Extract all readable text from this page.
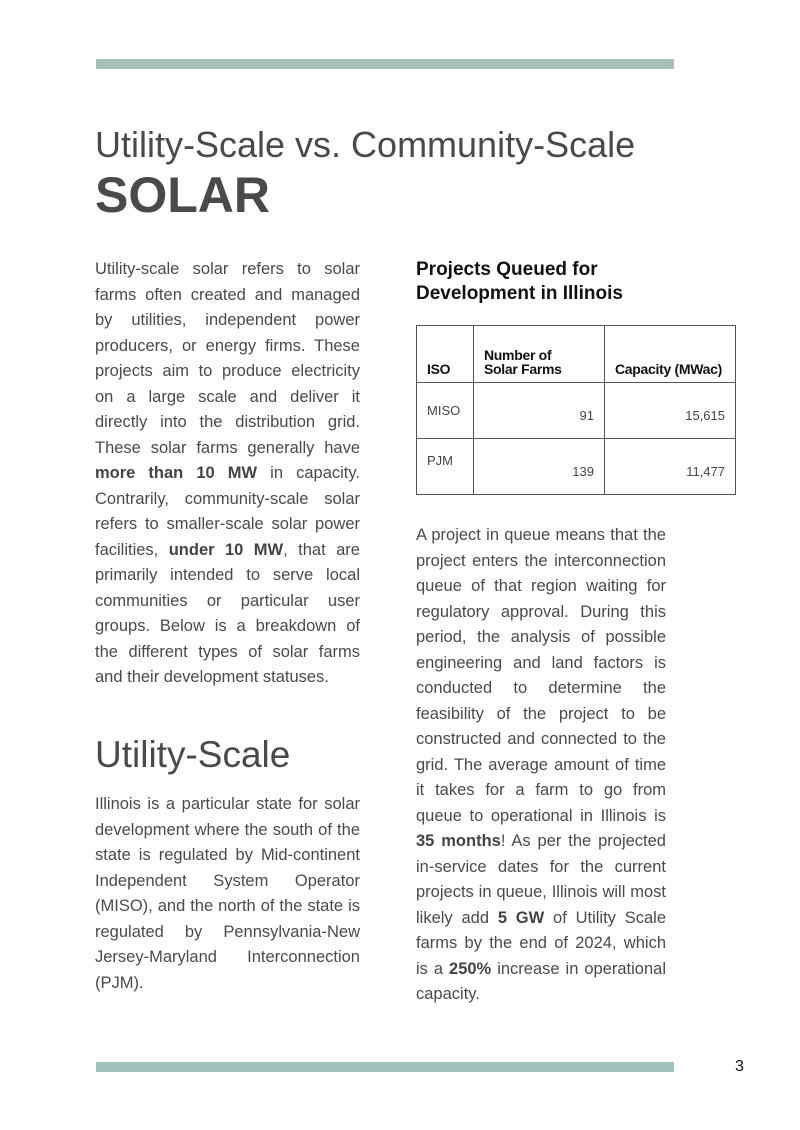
Utility-Scale vs. Community-Scale
SOLAR
Utility-scale solar refers to solar farms often created and managed by utilities, independent power producers, or energy firms. These projects aim to produce electricity on a large scale and deliver it directly into the distribution grid. These solar farms generally have more than 10 MW in capacity. Contrarily, community-scale solar refers to smaller-scale solar power facilities, under 10 MW, that are primarily intended to serve local communities or particular user groups. Below is a breakdown of the different types of solar farms and their development statuses.
Utility-Scale
Illinois is a particular state for solar development where the south of the state is regulated by Mid-continent Independent System Operator (MISO), and the north of the state is regulated by Pennsylvania-New Jersey-Maryland Interconnection (PJM).
Projects Queued for Development in Illinois
ISO	Number of Solar Farms	Capacity (MWac)
MISO	91	15,615
PJM	139	11,477
A project in queue means that the project enters the interconnection queue of that region waiting for regulatory approval. During this period, the analysis of possible engineering and land factors is conducted to determine the feasibility of the project to be constructed and connected to the grid. The average amount of time it takes for a farm to go from queue to operational in Illinois is 35 months! As per the projected in-service dates for the current projects in queue, Illinois will most likely add 5 GW of Utility Scale farms by the end of 2024, which is a 250% increase in operational capacity.
3
